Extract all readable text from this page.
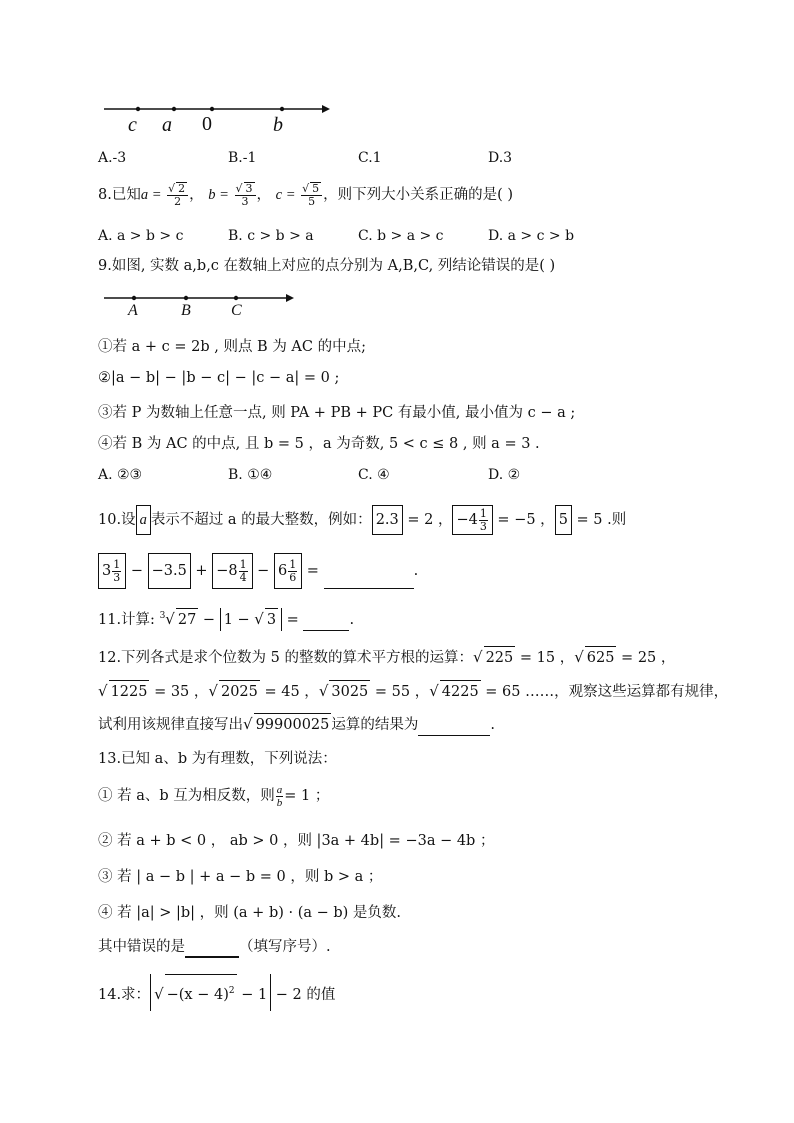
c a 0	b
A.-3	B.-1	C.1	D.3
8.已知$a = \frac{√ 2}{2}$ ， $b = \frac{√ 3}{3}$ ， $c = \frac{√ 5}{5}$ ，则下列大小关系正确的是( )
A. a > b > c	B. c > b > a	C. b > a > c	D. a > c > b
9.如图, 实数 a,b,c 在数轴上对应的点分别为 A,B,C, 列结论错误的是( )
A	B	C
①若 a + c = 2b , 则点 B 为 AC 的中点;
②|a − b| − |b − c| − |c − a| = 0 ;
③若 P 为数轴上任意一点, 则 PA + PB + PC 有最小值, 最小值为 c − a ;
④若 B 为 AC 的中点, 且 b = 5 ，a 为奇数, 5 < c ≤ 8 , 则 a = 3 .
A. ②③	B. ①④	C. ④	D. ②
10.设 a 表示不超过 a 的最大整数，例如： 2.3 = 2 ， $-4 \frac{1}{3} = -5$ ， 5 = 5 .则
$3 \frac{1}{3} - -3.5 + -8 \frac{1}{4} - 6 \frac{1}{6}$ =	.
11.计算: $^3$√ 27 − 1 − √ 3 =	.
12.下列各式是求个位数为 5 的整数的算术平方根的运算：√ 225 = 15 ，√ 625 = 25 ，
√ 1225 = 35 ，√ 2025 = 45 ，√ 3025 = 55 ，√ 4225 = 65 ……，观察这些运算都有规律，
试利用该规律直接写出√ 99900025 运算的结果为	.
13.已知 a、b 为有理数，下列说法：
① 若 a、b 互为相反数，则 $\frac{a}{b} = 1$ ；
② 若 a + b < 0 ， ab > 0 ，则 |3a + 4b| = −3a − 4b ；
③ 若 | a − b | + a − b = 0 ，则 b > a ；
④ 若 |a| > |b| ，则 (a + b) · (a − b) 是负数.
其中错误的是	（填写序号）.
14.求： √ $-(x - 4)^2 - 1 - 2$ 的值
